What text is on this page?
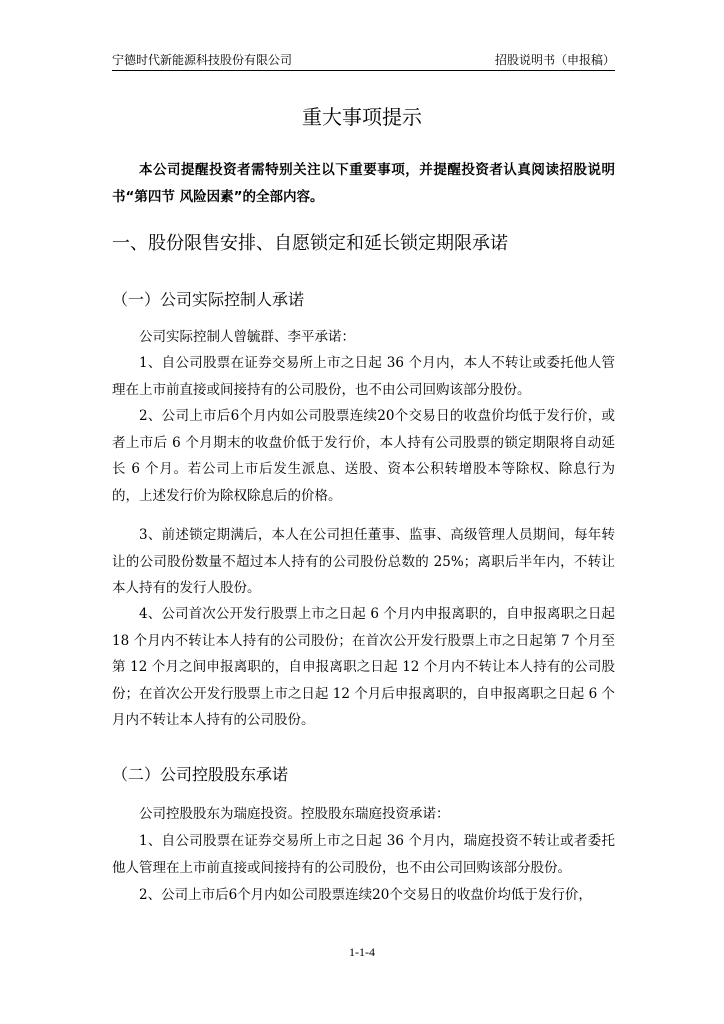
宁德时代新能源科技股份有限公司	招股说明书（申报稿）
重大事项提示

本公司提醒投资者需特别关注以下重要事项，并提醒投资者认真阅读招股说明书“第四节 风险因素”的全部内容。

一、股份限售安排、自愿锁定和延长锁定期限承诺
（一）公司实际控制人承诺

公司实际控制人曾毓群、李平承诺：

1、自公司股票在证券交易所上市之日起 36 个月内，本人不转让或委托他人管理在上市前直接或间接持有的公司股份，也不由公司回购该部分股份。

2、公司上市后6个月内如公司股票连续20个交易日的收盘价均低于发行价，或者上市后 6 个月期末的收盘价低于发行价，本人持有公司股票的锁定期限将自动延长 6 个月。若公司上市后发生派息、送股、资本公积转增股本等除权、除息行为的，上述发行价为除权除息后的价格。

3、前述锁定期满后，本人在公司担任董事、监事、高级管理人员期间，每年转让的公司股份数量不超过本人持有的公司股份总数的 25%；离职后半年内，不转让本人持有的发行人股份。

4、公司首次公开发行股票上市之日起 6 个月内申报离职的，自申报离职之日起 18 个月内不转让本人持有的公司股份；在首次公开发行股票上市之日起第 7 个月至第 12 个月之间申报离职的，自申报离职之日起 12 个月内不转让本人持有的公司股份；在首次公开发行股票上市之日起 12 个月后申报离职的，自申报离职之日起 6 个月内不转让本人持有的公司股份。

（二）公司控股股东承诺

公司控股股东为瑞庭投资。控股股东瑞庭投资承诺：

1、自公司股票在证券交易所上市之日起 36 个月内，瑞庭投资不转让或者委托他人管理在上市前直接或间接持有的公司股份，也不由公司回购该部分股份。

2、公司上市后6个月内如公司股票连续20个交易日的收盘价均低于发行价，

1-1-4
